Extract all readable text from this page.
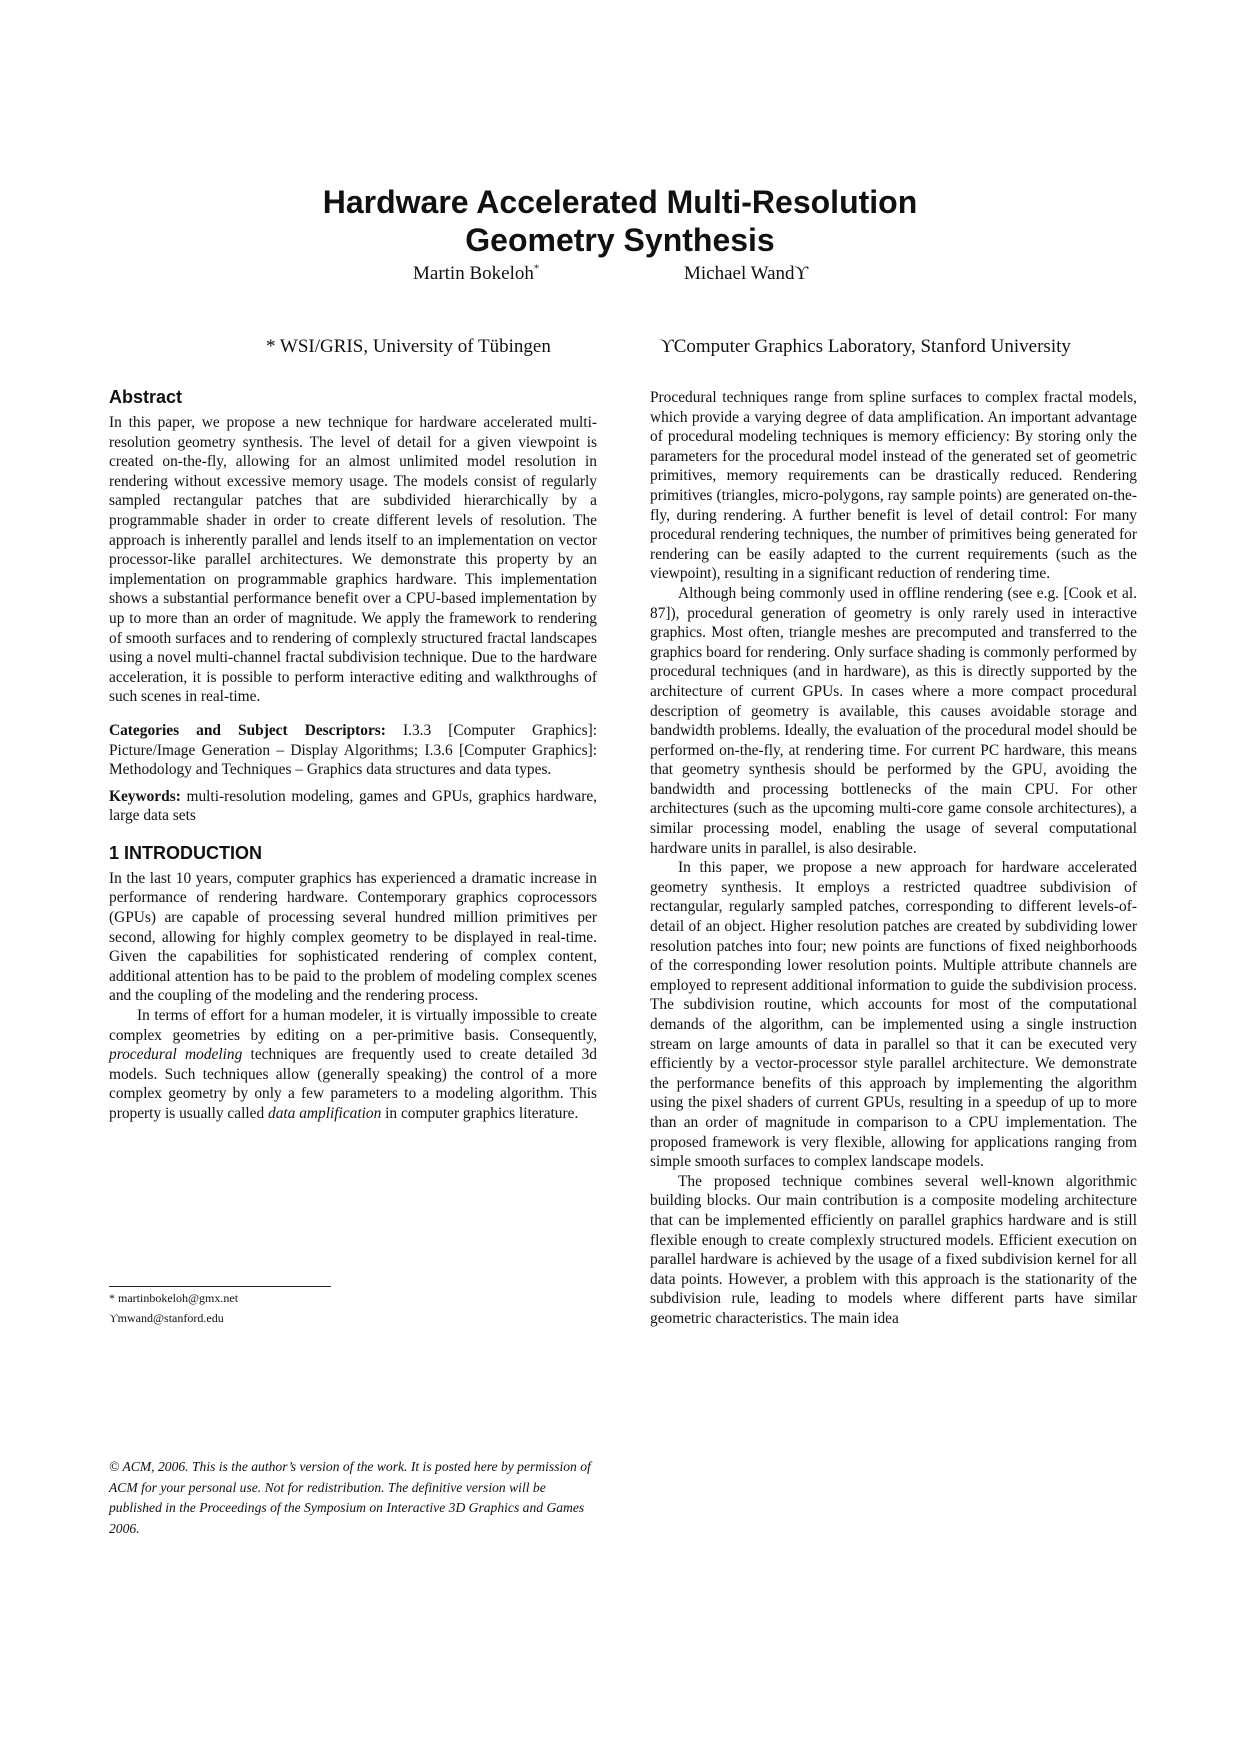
Hardware Accelerated Multi-Resolution
Geometry Synthesis
Martin Bokeloh*	Michael Wandϒ
* WSI/GRIS, University of Tübingen	ϒComputer Graphics Laboratory, Stanford University
Abstract

In this paper, we propose a new technique for hardware accelerated multi-resolution geometry synthesis. The level of detail for a given viewpoint is created on-the-fly, allowing for an almost unlimited model resolution in rendering without excessive memory usage. The models consist of regularly sampled rectangular patches that are subdivided hierarchically by a programmable shader in order to create different levels of resolution. The approach is inherently parallel and lends itself to an implementation on vector processor-like parallel architectures. We demonstrate this property by an implementation on programmable graphics hardware. This implementation shows a substantial performance benefit over a CPU-based implementation by up to more than an order of magnitude. We apply the framework to rendering of smooth surfaces and to rendering of complexly structured fractal landscapes using a novel multi-channel fractal subdivision technique. Due to the hardware acceleration, it is possible to perform interactive editing and walkthroughs of such scenes in real-time.

Categories and Subject Descriptors: I.3.3 [Computer Graphics]: Picture/Image Generation – Display Algorithms; I.3.6 [Computer Graphics]: Methodology and Techniques – Graphics data structures and data types.

Keywords: multi-resolution modeling, games and GPUs, graphics hardware, large data sets

1 INTRODUCTION

In the last 10 years, computer graphics has experienced a dramatic increase in performance of rendering hardware. Contemporary graphics coprocessors (GPUs) are capable of processing several hundred million primitives per second, allowing for highly complex geometry to be displayed in real-time. Given the capabilities for sophisticated rendering of complex content, additional attention has to be paid to the problem of modeling complex scenes and the coupling of the modeling and the rendering process.

In terms of effort for a human modeler, it is virtually impossible to create complex geometries by editing on a per-primitive basis. Consequently, procedural modeling techniques are frequently used to create detailed 3d models. Such techniques allow (generally speaking) the control of a more complex geometry by only a few parameters to a modeling algorithm. This property is usually called data amplification in computer graphics literature.

* martinbokeloh@gmx.net
ϒmwand@stanford.edu

© ACM, 2006. This is the author’s version of the work. It is posted here by permission of ACM for your personal use. Not for redistribution. The definitive version will be published in the Proceedings of the Symposium on Interactive 3D Graphics and Games 2006.

Procedural techniques range from spline surfaces to complex fractal models, which provide a varying degree of data amplification. An important advantage of procedural modeling techniques is memory efficiency: By storing only the parameters for the procedural model instead of the generated set of geometric primitives, memory requirements can be drastically reduced. Rendering primitives (triangles, micro-polygons, ray sample points) are generated on-the-fly, during rendering. A further benefit is level of detail control: For many procedural rendering techniques, the number of primitives being generated for rendering can be easily adapted to the current requirements (such as the viewpoint), resulting in a significant reduction of rendering time.

Although being commonly used in offline rendering (see e.g. [Cook et al. 87]), procedural generation of geometry is only rarely used in interactive graphics. Most often, triangle meshes are precomputed and transferred to the graphics board for rendering. Only surface shading is commonly performed by procedural techniques (and in hardware), as this is directly supported by the architecture of current GPUs. In cases where a more compact procedural description of geometry is available, this causes avoidable storage and bandwidth problems. Ideally, the evaluation of the procedural model should be performed on-the-fly, at rendering time. For current PC hardware, this means that geometry synthesis should be performed by the GPU, avoiding the bandwidth and processing bottlenecks of the main CPU. For other architectures (such as the upcoming multi-core game console architectures), a similar processing model, enabling the usage of several computational hardware units in parallel, is also desirable.

In this paper, we propose a new approach for hardware accelerated geometry synthesis. It employs a restricted quadtree subdivision of rectangular, regularly sampled patches, corresponding to different levels-of-detail of an object. Higher resolution patches are created by subdividing lower resolution patches into four; new points are functions of fixed neighborhoods of the corresponding lower resolution points. Multiple attribute channels are employed to represent additional information to guide the subdivision process. The subdivision routine, which accounts for most of the computational demands of the algorithm, can be implemented using a single instruction stream on large amounts of data in parallel so that it can be executed very efficiently by a vector-processor style parallel architecture. We demonstrate the performance benefits of this approach by implementing the algorithm using the pixel shaders of current GPUs, resulting in a speedup of up to more than an order of magnitude in comparison to a CPU implementation. The proposed framework is very flexible, allowing for applications ranging from simple smooth surfaces to complex landscape models.

The proposed technique combines several well-known algorithmic building blocks. Our main contribution is a composite modeling architecture that can be implemented efficiently on parallel graphics hardware and is still flexible enough to create complexly structured models. Efficient execution on parallel hardware is achieved by the usage of a fixed subdivision kernel for all data points. However, a problem with this approach is the stationarity of the subdivision rule, leading to models where different parts have similar geometric characteristics. The main idea
